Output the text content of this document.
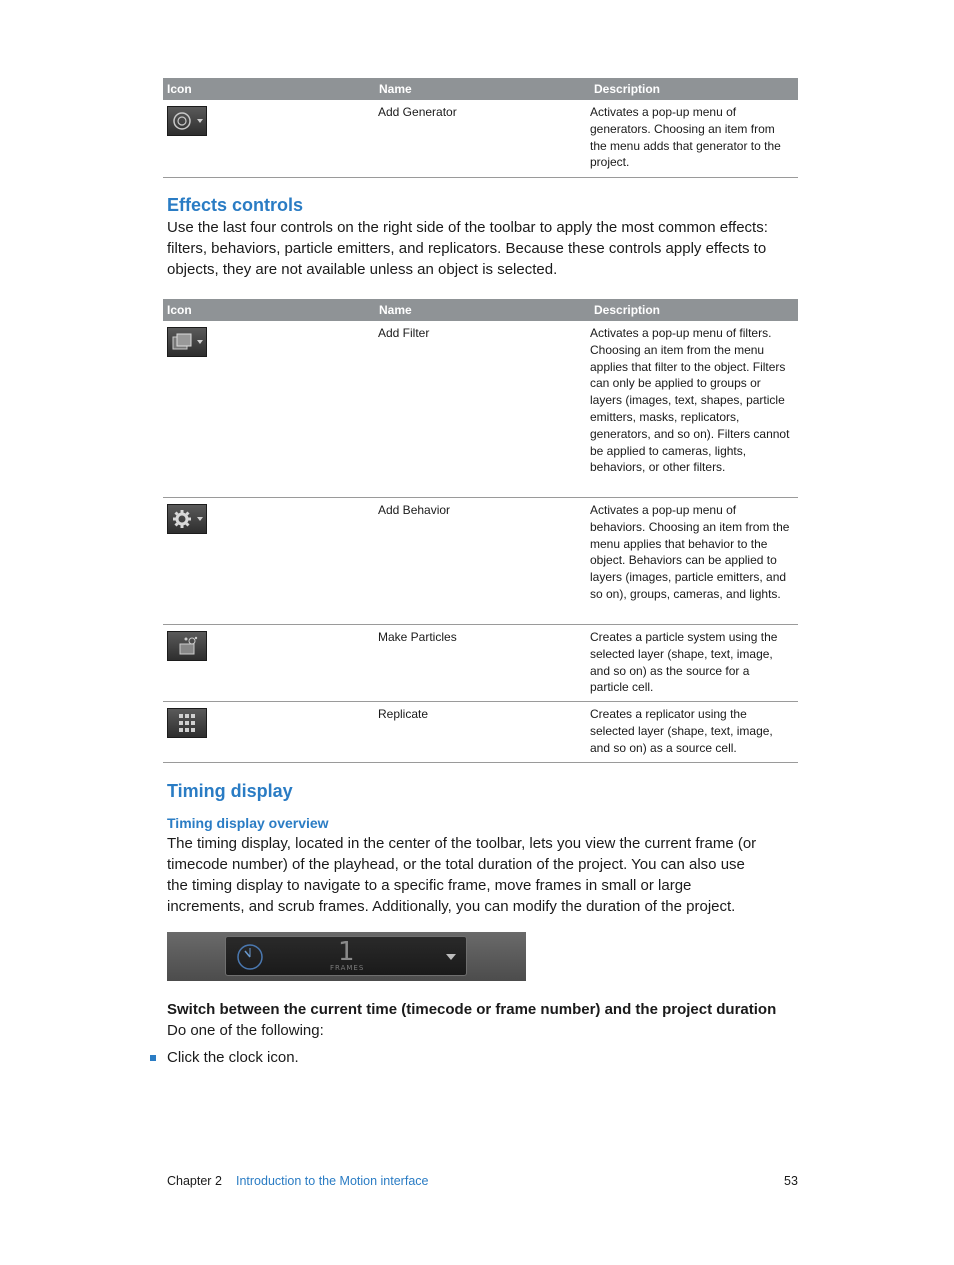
Icon	Name	Description
Add Generator	Activates a pop-up menu of generators. Choosing an item from the menu adds that generator to the project.
Effects controls
Use the last four controls on the right side of the toolbar to apply the most common effects: filters, behaviors, particle emitters, and replicators. Because these controls apply effects to objects, they are not available unless an object is selected.
Icon	Name	Description
Add Filter	Activates a pop-up menu of filters. Choosing an item from the menu applies that filter to the object. Filters can only be applied to groups or layers (images, text, shapes, particle emitters, masks, replicators, generators, and so on). Filters cannot be applied to cameras, lights, behaviors, or other filters.
Add Behavior	Activates a pop-up menu of behaviors. Choosing an item from the menu applies that behavior to the object. Behaviors can be applied to layers (images, particle emitters, and so on), groups, cameras, and lights.
Make Particles	Creates a particle system using the selected layer (shape, text, image, and so on) as the source for a particle cell.
Replicate	Creates a replicator using the selected layer (shape, text, image, and so on) as a source cell.
Timing display
Timing display overview
The timing display, located in the center of the toolbar, lets you view the current frame (or timecode number) of the playhead, or the total duration of the project. You can also use the timing display to navigate to a specific frame, move frames in small or large increments, and scrub frames. Additionally, you can modify the duration of the project.
1
FRAMES
Switch between the current time (timecode or frame number) and the project duration
Do one of the following:
Click the clock icon.
Chapter 2 Introduction to the Motion interface	53
